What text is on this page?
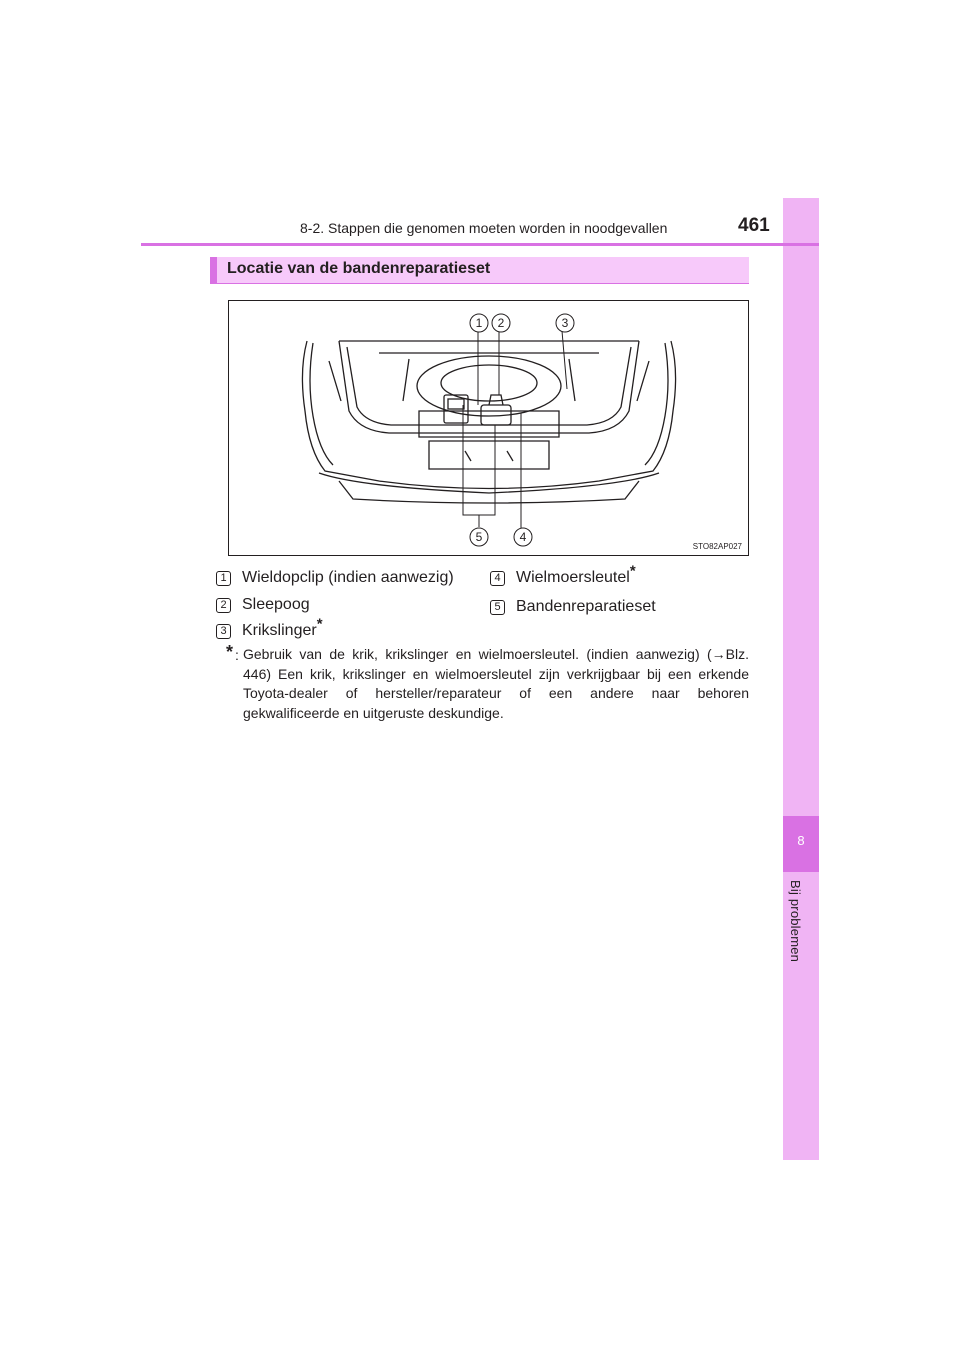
8
Bij problemen
8-2. Stappen die genomen moeten worden in noodgevallen	461
Locatie van de bandenreparatieset
1 2	3
5	4
STO82AP027
1 Wieldopclip (indien aanwezig)
2 Sleepoog
3 Krikslinger*
4 Wielmoersleutel*
5 Bandenreparatieset
* : Gebruik van de krik, krikslinger en wielmoersleutel. (indien aanwezig) (→Blz. 446) Een krik, krikslinger en wielmoersleutel zijn verkrijgbaar bij een erkende Toyota-dealer of hersteller/reparateur of een andere naar behoren gekwalificeerde en uitgeruste deskundige.
